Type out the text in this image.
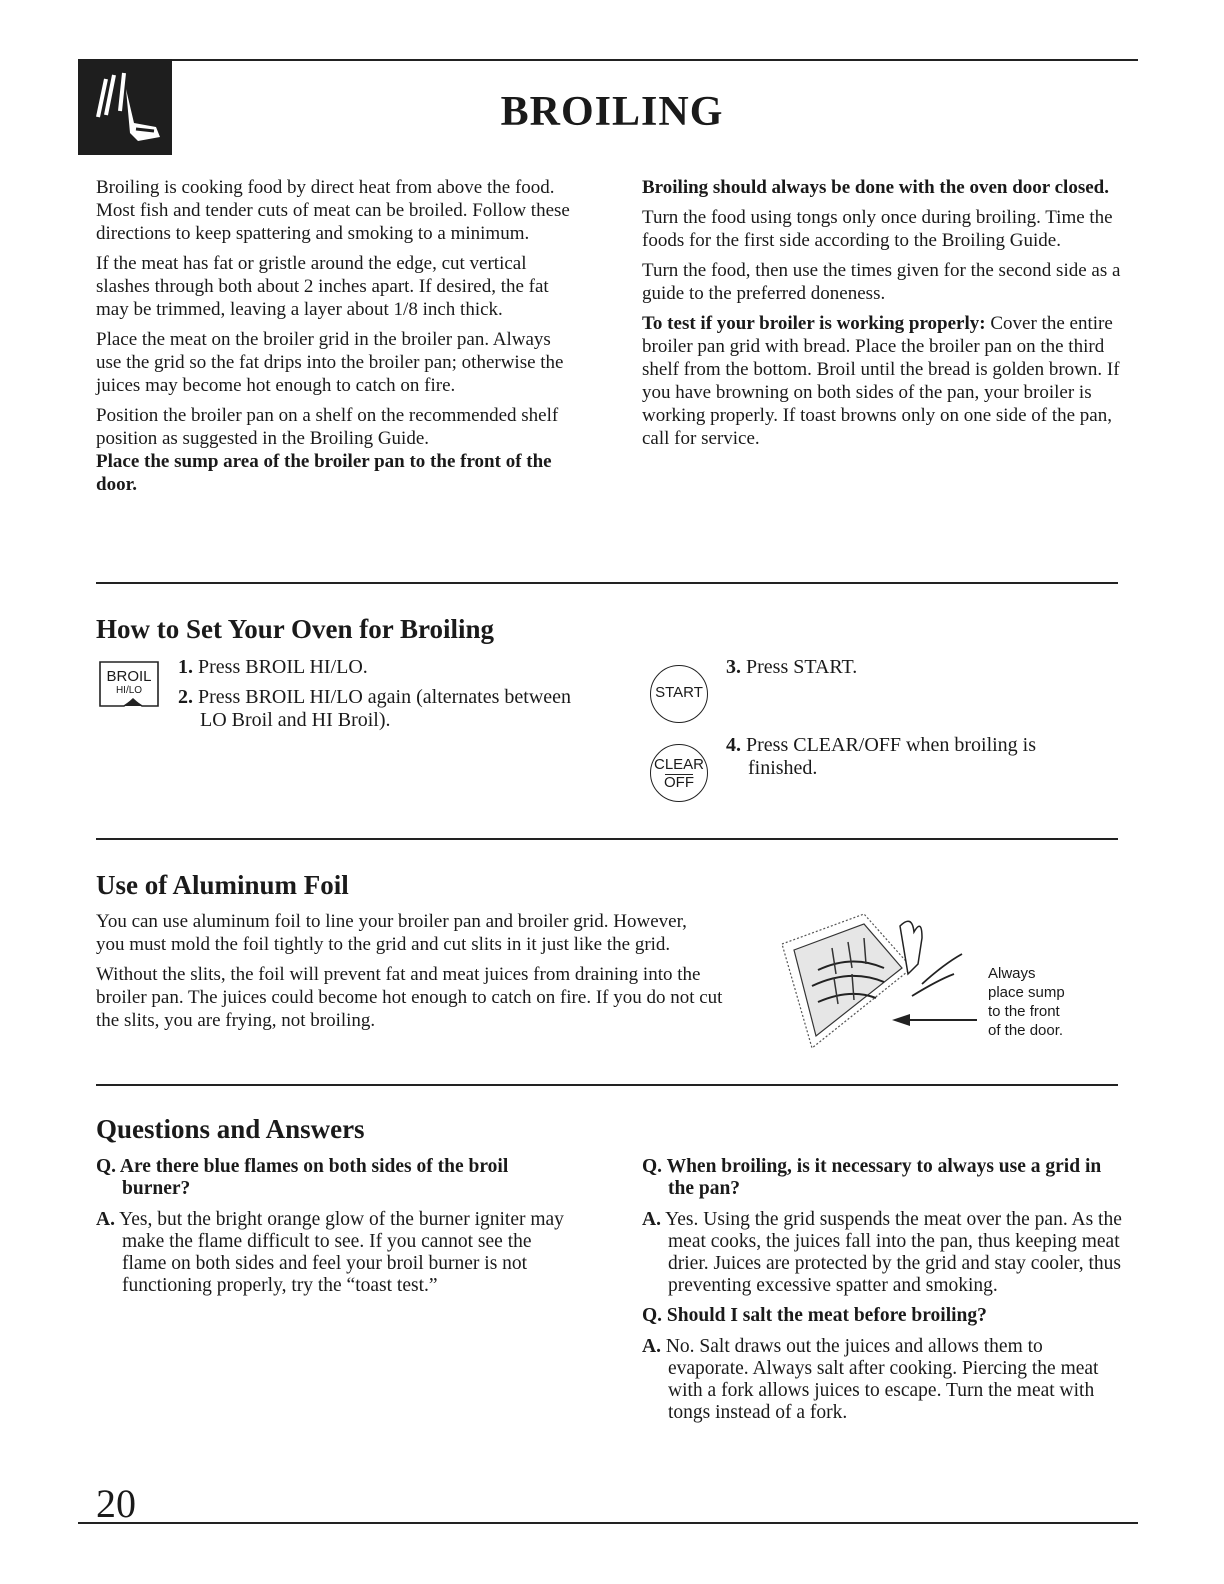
BROILING

Broiling is cooking food by direct heat from above the food. Most fish and tender cuts of meat can be broiled. Follow these directions to keep spattering and smoking to a minimum.

If the meat has fat or gristle around the edge, cut vertical slashes through both about 2 inches apart. If desired, the fat may be trimmed, leaving a layer about 1/8 inch thick.

Place the meat on the broiler grid in the broiler pan. Always use the grid so the fat drips into the broiler pan; otherwise the juices may become hot enough to catch on fire.

Position the broiler pan on a shelf on the recommended shelf position as suggested in the Broiling Guide.

Place the sump area of the broiler pan to the front of the door.

Broiling should always be done with the oven door closed.

Turn the food using tongs only once during broiling. Time the foods for the first side according to the Broiling Guide.

Turn the food, then use the times given for the second side as a guide to the preferred doneness.

To test if your broiler is working properly: Cover the entire broiler pan grid with bread. Place the broiler pan on the third shelf from the bottom. Broil until the bread is golden brown. If you have browning on both sides of the pan, your broiler is working properly. If toast browns only on one side of the pan, call for service.

How to Set Your Oven for Broiling
BROIL
HI/LO
1. Press BROIL HI/LO.
2. Press BROIL HI/LO again (alternates between LO Broil and HI Broil).
START
3. Press START.
CLEAR
OFF
4. Press CLEAR/OFF when broiling is finished.
Use of Aluminum Foil

You can use aluminum foil to line your broiler pan and broiler grid. However, you must mold the foil tightly to the grid and cut slits in it just like the grid.

Without the slits, the foil will prevent fat and meat juices from draining into the broiler pan. The juices could become hot enough to catch on fire. If you do not cut the slits, you are frying, not broiling.

Always
place sump
to the front
of the door.
Questions and Answers
Q. Are there blue flames on both sides of the broil burner?
A. Yes, but the bright orange glow of the burner igniter may make the flame difficult to see. If you cannot see the flame on both sides and feel your broil burner is not functioning properly, try the “toast test.”
Q. When broiling, is it necessary to always use a grid in the pan?
A. Yes. Using the grid suspends the meat over the pan. As the meat cooks, the juices fall into the pan, thus keeping meat drier. Juices are protected by the grid and stay cooler, thus preventing excessive spatter and smoking.
Q. Should I salt the meat before broiling?
A. No. Salt draws out the juices and allows them to evaporate. Always salt after cooking. Piercing the meat with a fork allows juices to escape. Turn the meat with tongs instead of a fork.
20
